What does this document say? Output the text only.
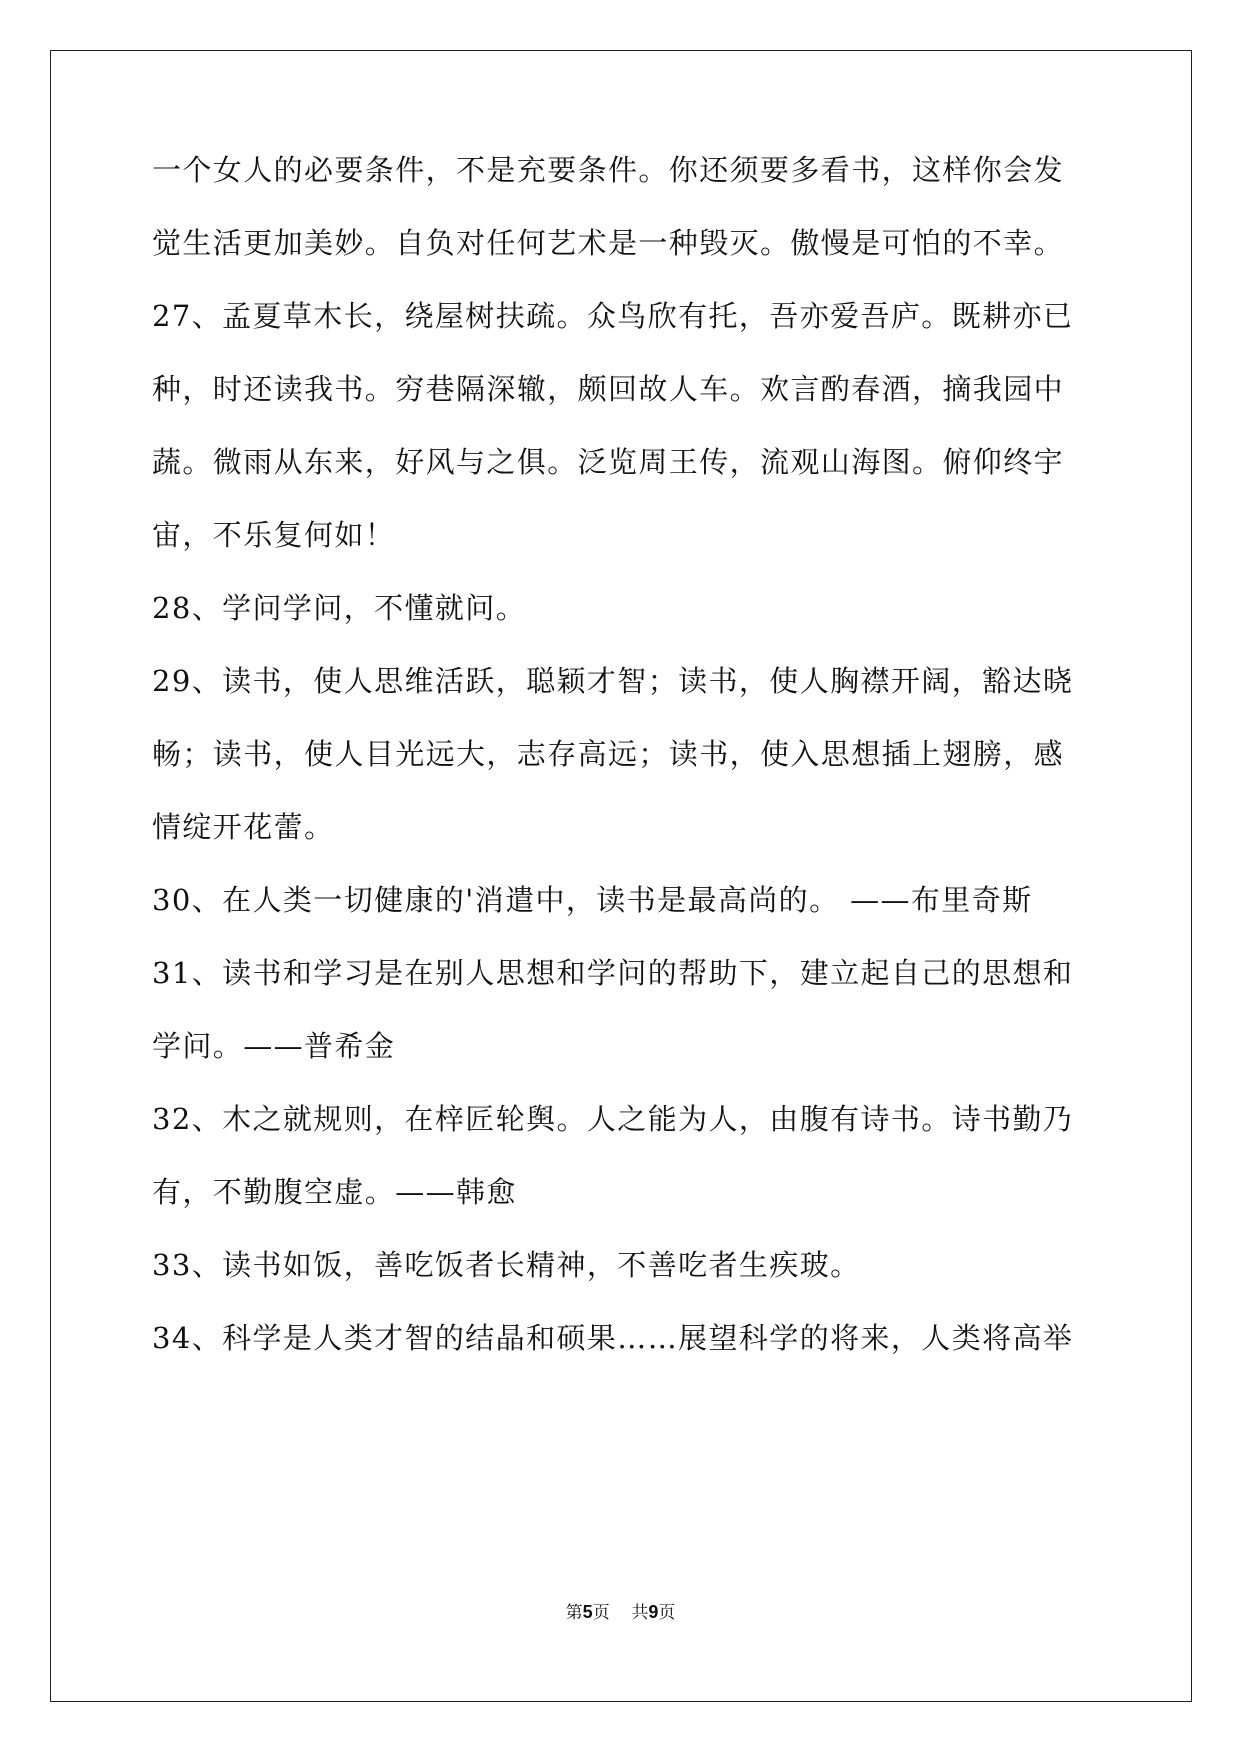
一个女人的必要条件，不是充要条件。你还须要多看书，这样你会发
觉生活更加美妙。自负对任何艺术是一种毁灭。傲慢是可怕的不幸。
27、孟夏草木长，绕屋树扶疏。众鸟欣有托，吾亦爱吾庐。既耕亦已
种，时还读我书。穷巷隔深辙，颇回故人车。欢言酌春酒，摘我园中
蔬。微雨从东来，好风与之俱。泛览周王传，流观山海图。俯仰终宇
宙，不乐复何如！
28、学问学问，不懂就问。
29、读书，使人思维活跃，聪颖才智；读书，使人胸襟开阔，豁达晓
畅；读书，使人目光远大，志存高远；读书，使入思想插上翅膀，感
情绽开花蕾。
30、在人类一切健康的'消遣中，读书是最高尚的。 ——布里奇斯
31、读书和学习是在别人思想和学问的帮助下，建立起自己的思想和
学问。——普希金
32、木之就规则，在梓匠轮舆。人之能为人，由腹有诗书。诗书勤乃
有，不勤腹空虚。——韩愈
33、读书如饭，善吃饭者长精神，不善吃者生疾玻。
34、科学是人类才智的结晶和硕果……展望科学的将来，人类将高举
第5页 共9页
